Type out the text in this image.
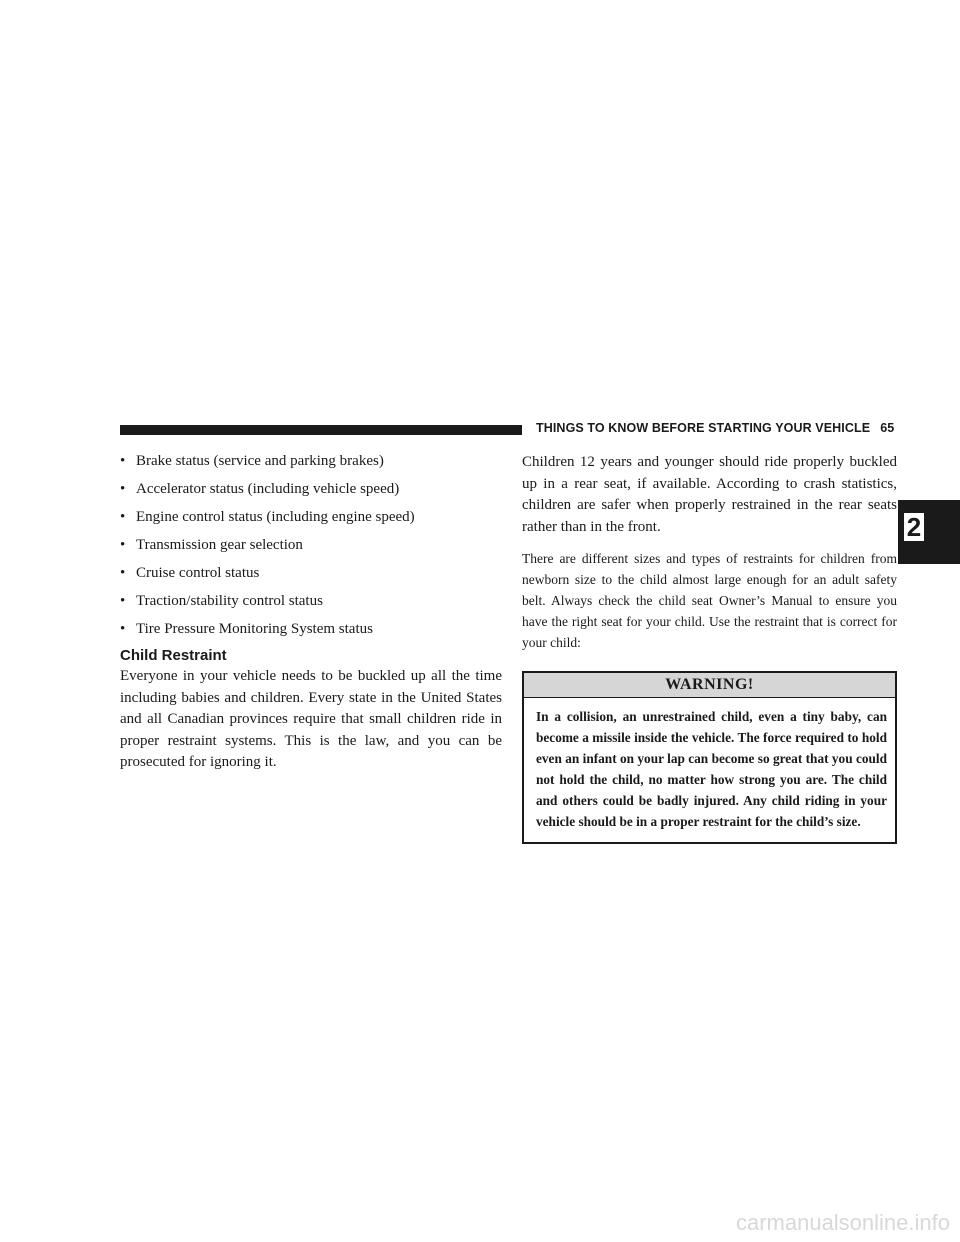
THINGS TO KNOW BEFORE STARTING YOUR VEHICLE 65
2
• Brake status (service and parking brakes)
• Accelerator status (including vehicle speed)
• Engine control status (including engine speed)
• Transmission gear selection
• Cruise control status
• Traction/stability control status
• Tire Pressure Monitoring System status
Child Restraint

Everyone in your vehicle needs to be buckled up all the time including babies and children. Every state in the United States and all Canadian provinces require that small children ride in proper restraint systems. This is the law, and you can be prosecuted for ignoring it.

Children 12 years and younger should ride properly buckled up in a rear seat, if available. According to crash statistics, children are safer when properly restrained in the rear seats rather than in the front.

There are different sizes and types of restraints for children from newborn size to the child almost large enough for an adult safety belt. Always check the child seat Owner’s Manual to ensure you have the right seat for your child. Use the restraint that is correct for your child:

WARNING!

In a collision, an unrestrained child, even a tiny baby, can become a missile inside the vehicle. The force required to hold even an infant on your lap can become so great that you could not hold the child, no matter how strong you are. The child and others could be badly injured. Any child riding in your vehicle should be in a proper restraint for the child’s size.

carmanualsonline.info
